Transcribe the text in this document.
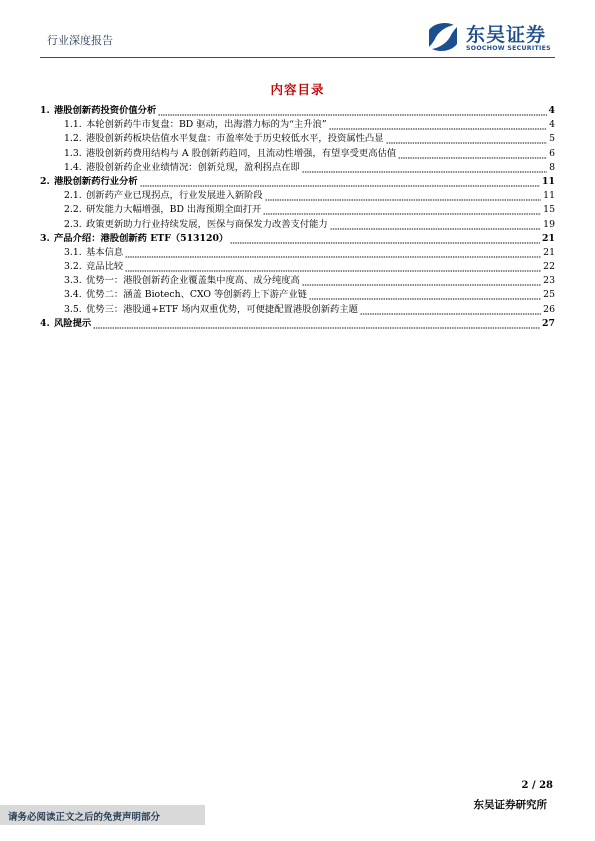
行业深度报告	东吴证券
SOOCHOW SECURITIES
内容目录
1. 港股创新药投资价值分析	4
1.1. 本轮创新药牛市复盘：BD 驱动，出海潜力标的为“主升浪”	4
1.2. 港股创新药板块估值水平复盘：市盈率处于历史较低水平，投资属性凸显	5
1.3. 港股创新药费用结构与 A 股创新药趋同，且流动性增强，有望享受更高估值	6
1.4. 港股创新药企业业绩情况：创新兑现，盈利拐点在即	8
2. 港股创新药行业分析	11
2.1. 创新药产业已现拐点，行业发展进入新阶段	11
2.2. 研发能力大幅增强，BD 出海预期全面打开	15
2.3. 政策更新助力行业持续发展，医保与商保发力改善支付能力	19
3. 产品介绍：港股创新药 ETF（513120）	21
3.1. 基本信息	21
3.2. 竞品比较	22
3.3. 优势一：港股创新药企业覆盖集中度高、成分纯度高	23
3.4. 优势二：涵盖 Biotech、CXO 等创新药上下游产业链	25
3.5. 优势三：港股通+ETF 场内双重优势，可便捷配置港股创新药主题	26
4. 风险提示	27
2 / 28
请务必阅读正文之后的免责声明部分
东吴证券研究所
